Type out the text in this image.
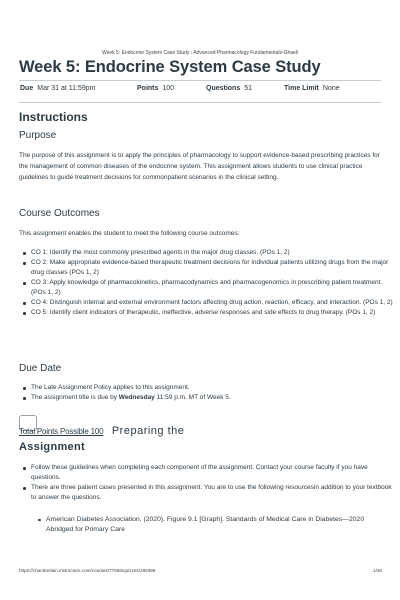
Week 5: Endocrine System Case Study : Advanced Pharmacology Fundamentals-Ghaeli
Week 5: Endocrine System Case Study
Due Mar 31 at 11:59pm	Points 100	Questions 51	Time Limit None
Instructions
Purpose

The purpose of this assignment is to apply the principles of pharmacology to support evidence-based prescribing practices for the management of common diseases of the endocrine system. This assignment allows students to use clinical practice guidelines to guide treatment decisions for commonpatient scenarios in the clinical setting.

Course Outcomes

This assignment enables the student to meet the following course outcomes:

CO 1: Identify the most commonly prescribed agents in the major drug classes. (POs 1, 2)
CO 2: Make appropriate evidence-based therapeutic treatment decisions for individual patients utilizing drugs from the major drug classes (POs 1, 2)
CO 3: Apply knowledge of pharmacokinetics, pharmacodynamics and pharmacogenomics in prescribing patient treatment. (POs 1, 2)
CO 4: Distinguish internal and external environment factors affecting drug action, reaction, efficacy, and interaction. (POs 1, 2)
CO 5: Identify client indicators of therapeutic, ineffective, adverse responses and side effects to drug therapy. (POs 1, 2)
Due Date
The Late Assignment Policy applies to this assignment.
The assignment title is due by Wednesday 11:59 p.m. MT of Week 5.
Total Points Possible 100 Preparing the
Assignment
Follow these guidelines when completing each component of the assignment. Contact your course faculty if you have questions.
There are three patient cases presented in this assignment. You are to use the following resourcesin addition to your textbook to answer the questions.
American Diabetes Association. (2020). Figure 9.1 [Graph]. Standards of Medical Care in Diabetes—2020 Abridged for Primary Care
https://chamberlain.instructure.com/courses/77666/quizzes/289396	1/46
